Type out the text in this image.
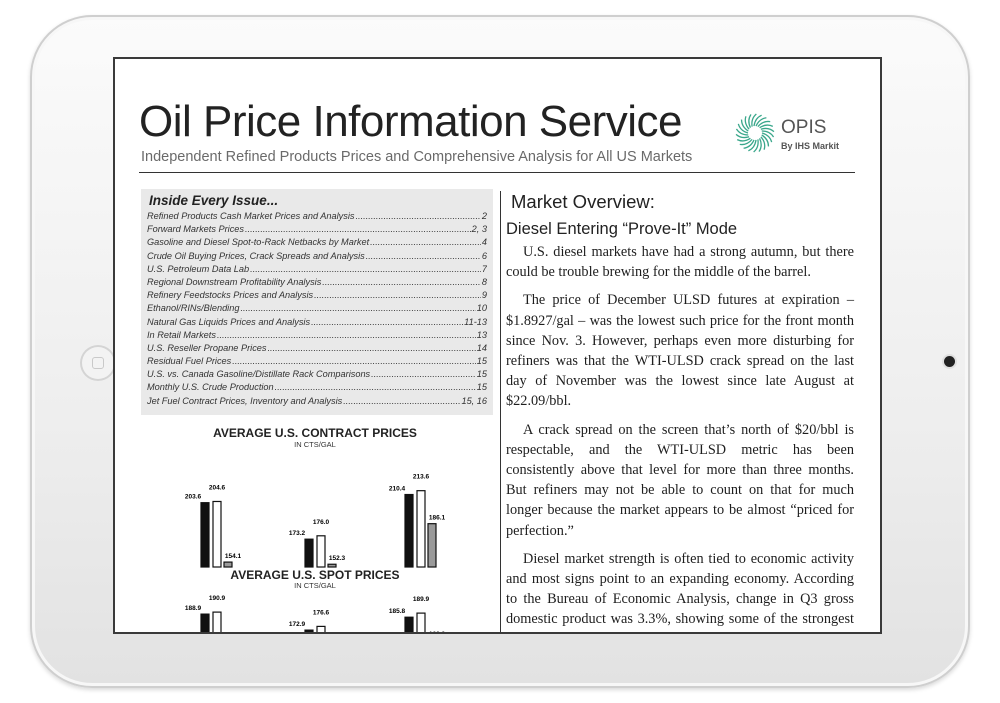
Oil Price Information Service
Independent Refined Products Prices and Comprehensive Analysis for All US Markets
OPIS
By IHS Markit
Inside Every Issue...
Refined Products Cash Market Prices and Analysis .....	2
Forward Markets Prices .....	2, 3
Gasoline and Diesel Spot-to-Rack Netbacks by Market .....	4
Crude Oil Buying Prices, Crack Spreads and Analysis .....	6
U.S. Petroleum Data Lab .....	7
Regional Downstream Profitability Analysis .....	8
Refinery Feedstocks Prices and Analysis .....	9
Ethanol/RINs/Blending .....	10
Natural Gas Liquids Prices and Analysis .....	11-13
In Retail Markets .....	13
U.S. Reseller Propane Prices .....	14
Residual Fuel Prices .....	15
U.S. vs. Canada Gasoline/Distillate Rack Comparisons .....	15
Monthly U.S. Crude Production .....	15
Jet Fuel Contract Prices, Inventory and Analysis .....	15, 16
AVERAGE U.S. CONTRACT PRICES
IN CTS/GAL
203.6
204.6
154.1
173.2
176.0
152.3
210.4
213.6
186.1
AVERAGE U.S. SPOT PRICES
IN CTS/GAL
188.9
190.9
154.7
172.9
176.6
147.3
185.8
189.9
162.9
Market Overview:
Diesel Entering “Prove-It” Mode

U.S. diesel markets have had a strong autumn, but there could be trouble brewing for the middle of the barrel.

The price of December ULSD futures at expiration – $1.8927/gal – was the lowest such price for the front month since Nov. 3. However, perhaps even more disturbing for refiners was that the WTI-ULSD crack spread on the last day of November was the lowest since late August at $22.09/bbl.

A crack spread on the screen that’s north of $20/bbl is respectable, and the WTI-ULSD metric has been consistently above that level for more than three months. But refiners may not be able to count on that for much longer because the market appears to be almost “priced for perfection.”

Diesel market strength is often tied to economic activity and most signs point to an expanding economy. According to the Bureau of Economic Analysis, change in Q3 gross domestic product was 3.3%, showing some of the strongest
